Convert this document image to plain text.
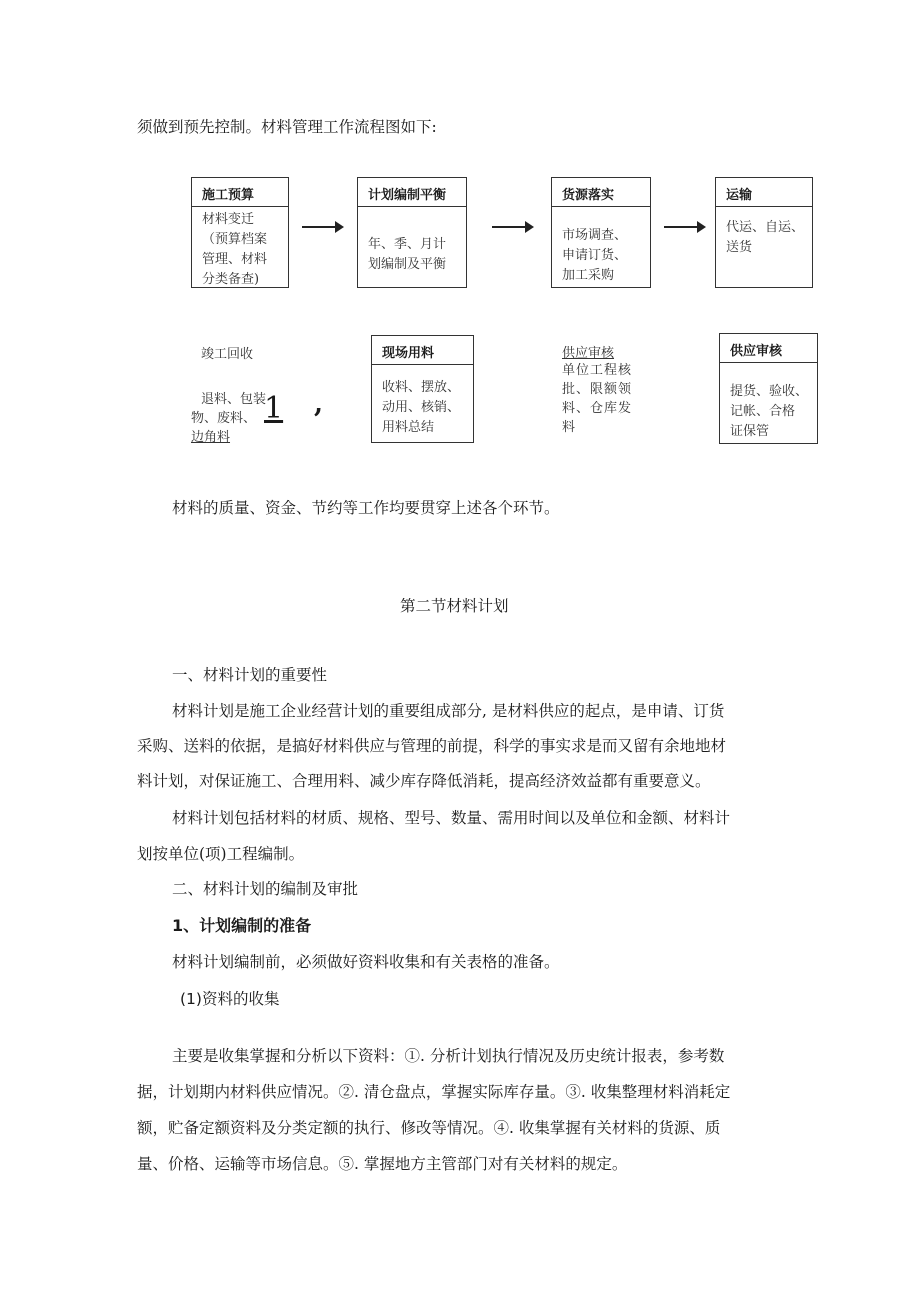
须做到预先控制。材料管理工作流程图如下:
施工预算
材料变迁
（预算档案
管理、材料
分类备查)
计划编制平衡
年、季、月计
划编制及平衡
货源落实
市场调查、
申请订货、
加工采购
运输
代运、自运、
送货
竣工回收
退料、包装
物、废料、
边角料
1 ,
现场用料
收料、摆放、
动用、核销、
用料总结
供应审核
单位工程核
批、限额领
料、仓库发
料
供应审核
提货、验收、
记帐、合格
证保管
材料的质量、资金、节约等工作均要贯穿上述各个环节。
第二节材料计划
一、材料计划的重要性
材料计划是施工企业经营计划的重要组成部分, 是材料供应的起点，是申请、订货
采购、送料的依据，是搞好材料供应与管理的前提，科学的事实求是而又留有余地地材
料计划，对保证施工、合理用料、减少库存降低消耗，提高经济效益都有重要意义。
材料计划包括材料的材质、规格、型号、数量、需用时间以及单位和金额、材料计
划按单位(项)工程编制。
二、材料计划的编制及审批
1、计划编制的准备
材料计划编制前，必须做好资料收集和有关表格的准备。
(1)资料的收集
主要是收集掌握和分析以下资料：①. 分析计划执行情况及历史统计报表，参考数
据，计划期内材料供应情况。②. 清仓盘点，掌握实际库存量。③. 收集整理材料消耗定
额，贮备定额资料及分类定额的执行、修改等情况。④. 收集掌握有关材料的货源、质
量、价格、运输等市场信息。⑤. 掌握地方主管部门对有关材料的规定。
